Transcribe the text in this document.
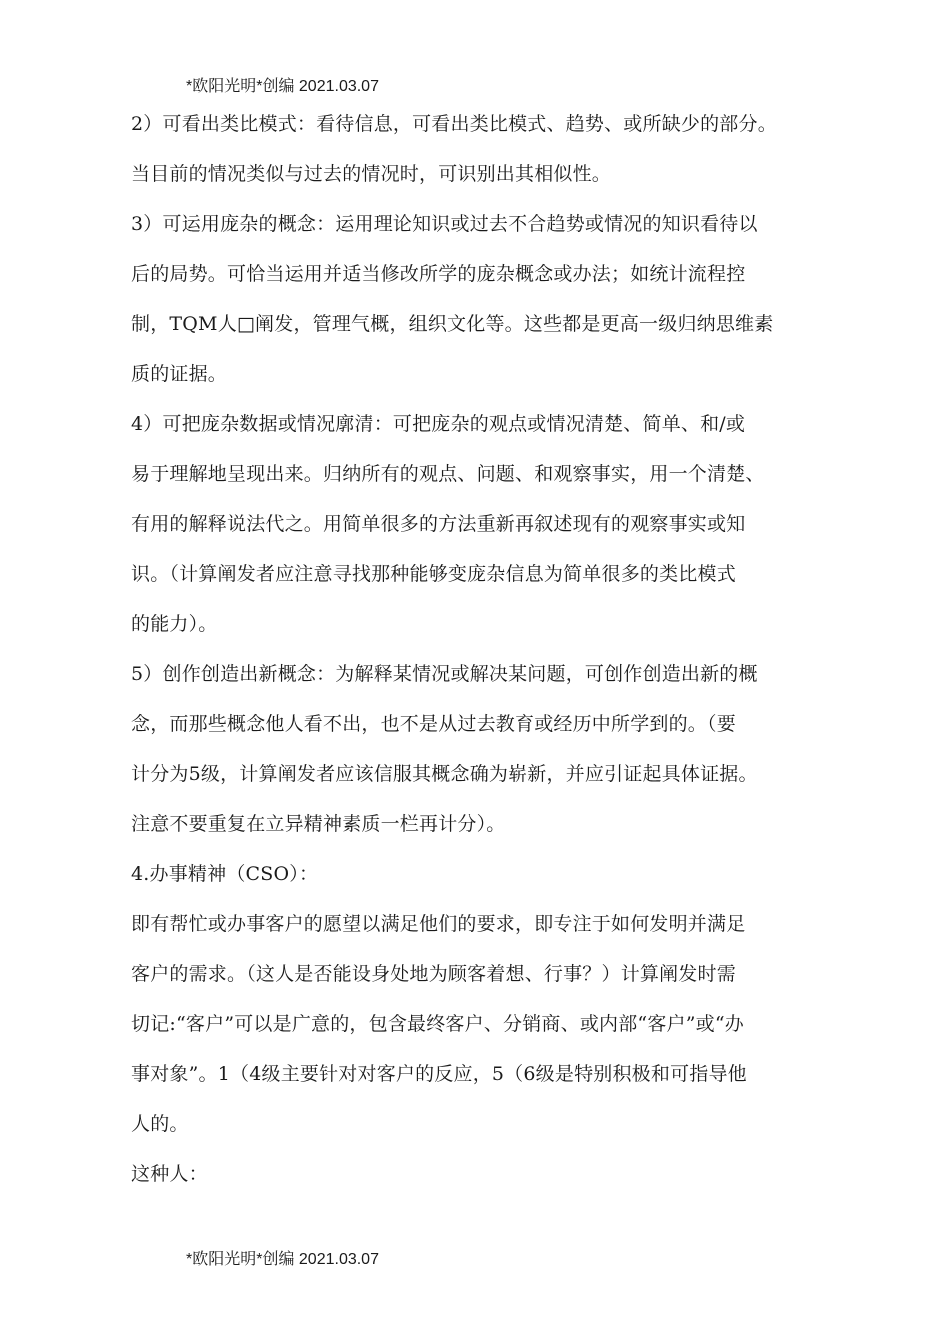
*欧阳光明*创编 2021.03.07
2）可看出类比模式：看待信息，可看出类比模式、趋势、或所缺少的部分。
当目前的情况类似与过去的情况时，可识别出其相似性。
3）可运用庞杂的概念：运用理论知识或过去不合趋势或情况的知识看待以
后的局势。可恰当运用并适当修改所学的庞杂概念或办法；如统计流程控
制，TQM人□阐发，管理气概，组织文化等。这些都是更高一级归纳思维素
质的证据。
4）可把庞杂数据或情况廓清：可把庞杂的观点或情况清楚、简单、和/或
易于理解地呈现出来。归纳所有的观点、问题、和观察事实，用一个清楚、
有用的解释说法代之。用简单很多的方法重新再叙述现有的观察事实或知
识。（计算阐发者应注意寻找那种能够变庞杂信息为简单很多的类比模式
的能力）。
5）创作创造出新概念：为解释某情况或解决某问题，可创作创造出新的概
念，而那些概念他人看不出，也不是从过去教育或经历中所学到的。（要
计分为5级，计算阐发者应该信服其概念确为崭新，并应引证起具体证据。
注意不要重复在立异精神素质一栏再计分）。
4.办事精神（CSO）：
即有帮忙或办事客户的愿望以满足他们的要求，即专注于如何发明并满足
客户的需求。（这人是否能设身处地为顾客着想、行事？）计算阐发时需
切记:“客户”可以是广意的，包含最终客户、分销商、或内部“客户”或“办
事对象”。1（4级主要针对对客户的反应，5（6级是特别积极和可指导他
人的。
这种人：
*欧阳光明*创编 2021.03.07
